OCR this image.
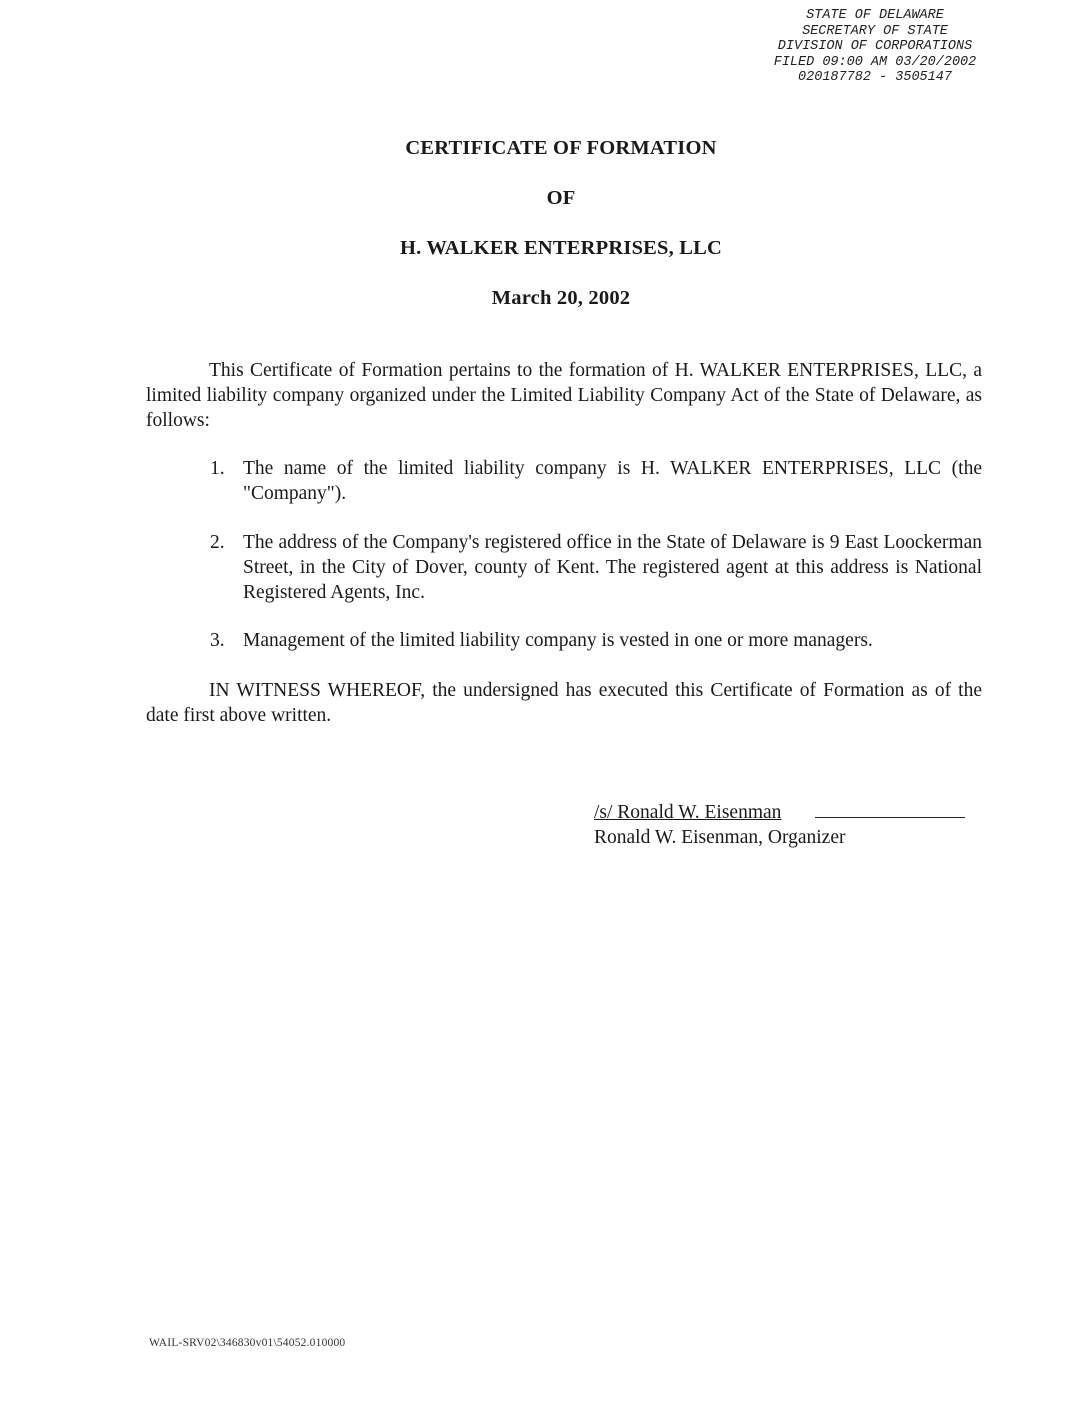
STATE OF DELAWARE
SECRETARY OF STATE
DIVISION OF CORPORATIONS
FILED 09:00 AM 03/20/2002
020187782 - 3505147
CERTIFICATE OF FORMATION
OF
H. WALKER ENTERPRISES, LLC
March 20, 2002
This Certificate of Formation pertains to the formation of H. WALKER ENTERPRISES, LLC, a limited liability company organized under the Limited Liability Company Act of the State of Delaware, as follows:
1. The name of the limited liability company is H. WALKER ENTERPRISES, LLC (the "Company").
2. The address of the Company's registered office in the State of Delaware is 9 East Loockerman Street, in the City of Dover, county of Kent. The registered agent at this address is National Registered Agents, Inc.
3. Management of the limited liability company is vested in one or more managers.
IN WITNESS WHEREOF, the undersigned has executed this Certificate of Formation as of the date first above written.
/s/ Ronald W. Eisenman
Ronald W. Eisenman, Organizer
WAIL-SRV02\346830v01\54052.010000
